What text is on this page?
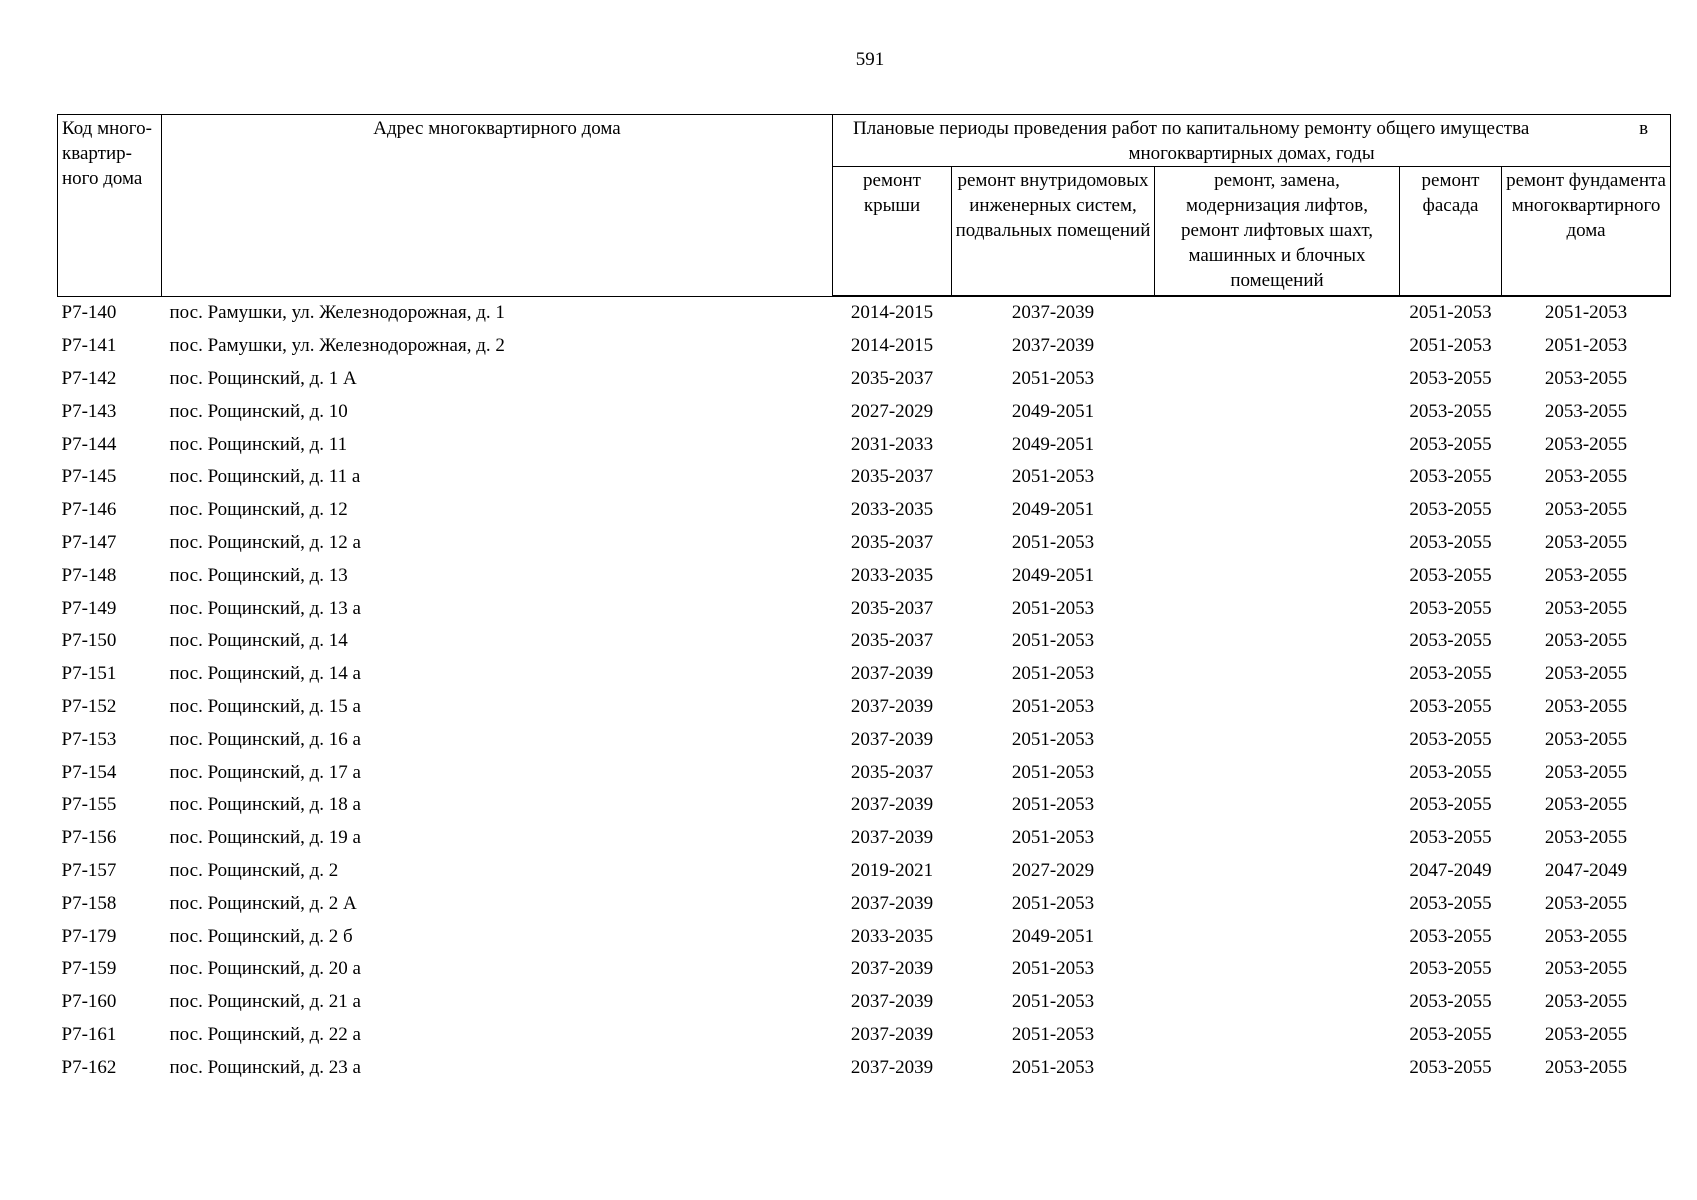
591
Код много-квартир-ного дома	Адрес многоквартирного дома	Плановые периоды проведения работ по капитальному ремонту общего имущества в
многоквартирных домах, годы				

		ремонт крыши	ремонт внутридомовых инженерных систем, подвальных помещений	ремонт, замена, модернизация лифтов, ремонт лифтовых шахт, машинных и блочных помещений	ремонт фасада	ремонт фундамента многоквартирного дома
Р7-140	пос. Рамушки, ул. Железнодорожная, д. 1	2014-2015	2037-2039		2051-2053	2051-2053
Р7-141	пос. Рамушки, ул. Железнодорожная, д. 2	2014-2015	2037-2039		2051-2053	2051-2053
Р7-142	пос. Рощинский, д. 1 А	2035-2037	2051-2053		2053-2055	2053-2055
Р7-143	пос. Рощинский, д. 10	2027-2029	2049-2051		2053-2055	2053-2055
Р7-144	пос. Рощинский, д. 11	2031-2033	2049-2051		2053-2055	2053-2055
Р7-145	пос. Рощинский, д. 11 а	2035-2037	2051-2053		2053-2055	2053-2055
Р7-146	пос. Рощинский, д. 12	2033-2035	2049-2051		2053-2055	2053-2055
Р7-147	пос. Рощинский, д. 12 а	2035-2037	2051-2053		2053-2055	2053-2055
Р7-148	пос. Рощинский, д. 13	2033-2035	2049-2051		2053-2055	2053-2055
Р7-149	пос. Рощинский, д. 13 а	2035-2037	2051-2053		2053-2055	2053-2055
Р7-150	пос. Рощинский, д. 14	2035-2037	2051-2053		2053-2055	2053-2055
Р7-151	пос. Рощинский, д. 14 а	2037-2039	2051-2053		2053-2055	2053-2055
Р7-152	пос. Рощинский, д. 15 а	2037-2039	2051-2053		2053-2055	2053-2055
Р7-153	пос. Рощинский, д. 16 а	2037-2039	2051-2053		2053-2055	2053-2055
Р7-154	пос. Рощинский, д. 17 а	2035-2037	2051-2053		2053-2055	2053-2055
Р7-155	пос. Рощинский, д. 18 а	2037-2039	2051-2053		2053-2055	2053-2055
Р7-156	пос. Рощинский, д. 19 а	2037-2039	2051-2053		2053-2055	2053-2055
Р7-157	пос. Рощинский, д. 2	2019-2021	2027-2029		2047-2049	2047-2049
Р7-158	пос. Рощинский, д. 2 А	2037-2039	2051-2053		2053-2055	2053-2055
Р7-179	пос. Рощинский, д. 2 б	2033-2035	2049-2051		2053-2055	2053-2055
Р7-159	пос. Рощинский, д. 20 а	2037-2039	2051-2053		2053-2055	2053-2055
Р7-160	пос. Рощинский, д. 21 а	2037-2039	2051-2053		2053-2055	2053-2055
Р7-161	пос. Рощинский, д. 22 а	2037-2039	2051-2053		2053-2055	2053-2055
Р7-162	пос. Рощинский, д. 23 а	2037-2039	2051-2053		2053-2055	2053-2055
